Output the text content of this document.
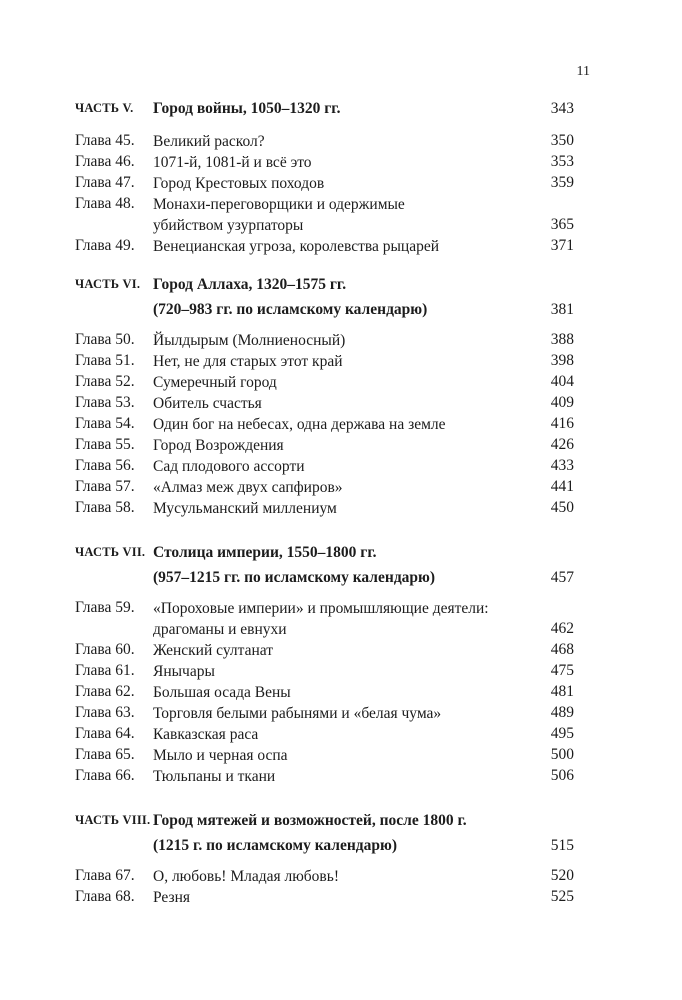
11
ЧАСТЬ V. Город войны, 1050–1320 гг.	343
Глава 45. Великий раскол?	350
Глава 46. 1071-й, 1081-й и всё это	353
Глава 47. Город Крестовых походов	359
Глава 48. Монахи-переговорщики и одержимые
убийством узурпаторы	365
Глава 49. Венецианская угроза, королевства рыцарей	371
ЧАСТЬ VI. Город Аллаха, 1320–1575 гг.
(720–983 гг. по исламскому календарю)	381
Глава 50. Йылдырым (Молниеносный)	388
Глава 51. Нет, не для старых этот край	398
Глава 52. Сумеречный город	404
Глава 53. Обитель счастья	409
Глава 54. Один бог на небесах, одна держава на земле	416
Глава 55. Город Возрождения	426
Глава 56. Сад плодового ассорти	433
Глава 57. «Алмаз меж двух сапфиров»	441
Глава 58. Мусульманский миллениум	450
ЧАСТЬ VII. Столица империи, 1550–1800 гг.
(957–1215 гг. по исламскому календарю)	457
Глава 59. «Пороховые империи» и промышляющие деятели:
драгоманы и евнухи	462
Глава 60. Женский султанат	468
Глава 61. Янычары	475
Глава 62. Большая осада Вены	481
Глава 63. Торговля белыми рабынями и «белая чума»	489
Глава 64. Кавказская раса	495
Глава 65. Мыло и черная оспа	500
Глава 66. Тюльпаны и ткани	506
ЧАСТЬ VIII. Город мятежей и возможностей, после 1800 г.
(1215 г. по исламскому календарю)	515
Глава 67. О, любовь! Младая любовь!	520
Глава 68. Резня	525
